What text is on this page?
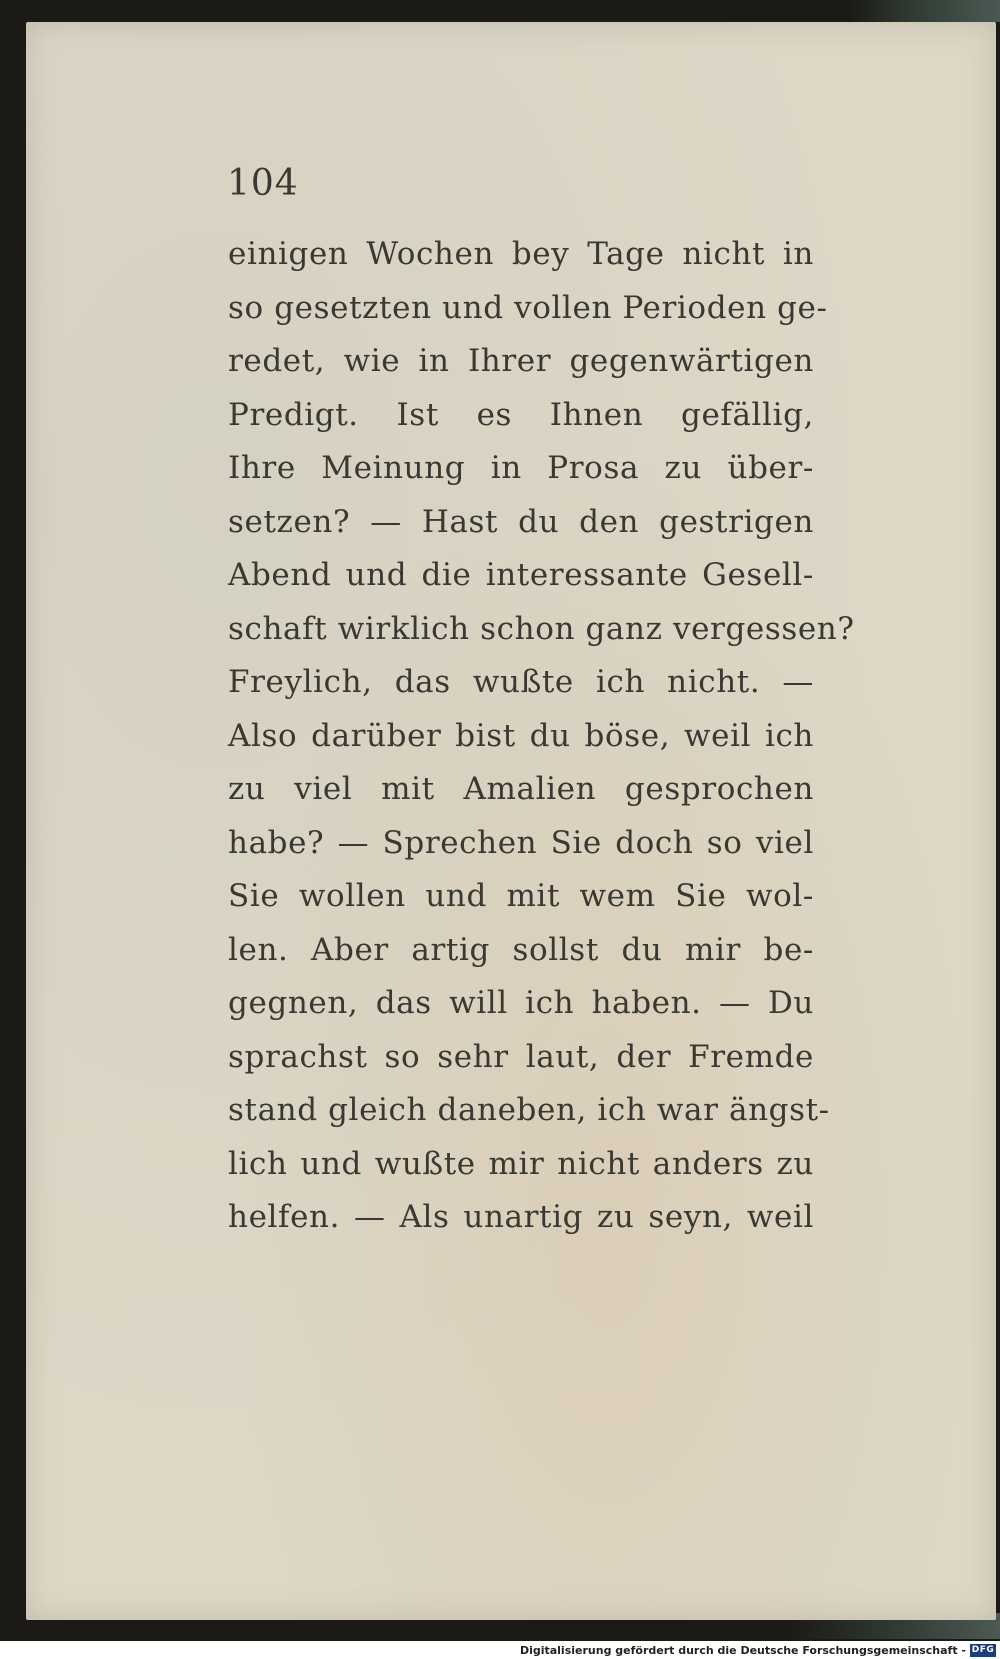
104
einigen Wochen bey Tage nicht in
so gesetzten und vollen Perioden ge-
redet, wie in Ihrer gegenwärtigen
Predigt. Ist es Ihnen gefällig,
Ihre Meinung in Prosa zu über-
setzen? — Hast du den gestrigen
Abend und die interessante Gesell-
schaft wirklich schon ganz vergessen?
Freylich, das wußte ich nicht. —
Also darüber bist du böse, weil ich
zu viel mit Amalien gesprochen
habe? — Sprechen Sie doch so viel
Sie wollen und mit wem Sie wol-
len. Aber artig sollst du mir be-
gegnen, das will ich haben. — Du
sprachst so sehr laut, der Fremde
stand gleich daneben, ich war ängst-
lich und wußte mir nicht anders zu
helfen. — Als unartig zu seyn, weil
Digitalisierung gefördert durch die Deutsche Forschungsgemeinschaft - DFG
